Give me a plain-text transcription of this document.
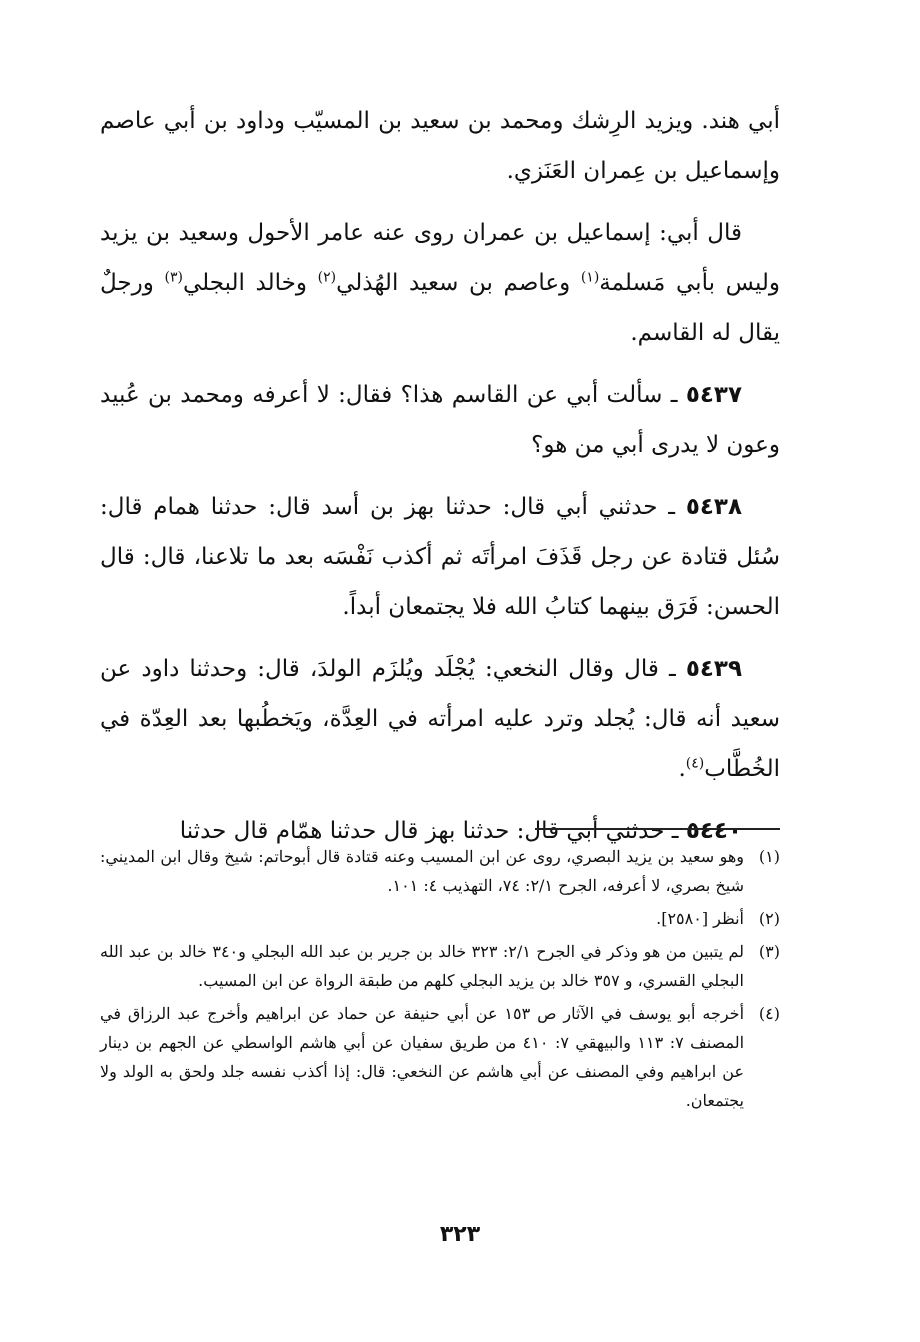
أبي هند. ويزيد الرِشك ومحمد بن سعيد بن المسيّب وداود بن أبي عاصم وإسماعيل بن عِمران العَنَزي.

قال أبي: إسماعيل بن عمران روى عنه عامر الأحول وسعيد بن يزيد وليس بأبي مَسلمة$^{(١)}$ وعاصم بن سعيد الهُذلي$^{(٢)}$ وخالد البجلي$^{(٣)}$ ورجلٌ يقال له القاسم.

٥٤٣٧ ـ سألت أبي عن القاسم هذا؟ فقال: لا أعرفه ومحمد بن عُبيد وعون لا يدرى أبي من هو؟

٥٤٣٨ ـ حدثني أبي قال: حدثنا بهز بن أسد قال: حدثنا همام قال: سُئل قتادة عن رجل قَذَفَ امرأتَه ثم أكذب نَفْسَه بعد ما تلاعنا، قال: قال الحسن: فَرَق بينهما كتابُ الله فلا يجتمعان أبداً.

٥٤٣٩ ـ قال وقال النخعي: يُجْلَد ويُلزَم الولدَ، قال: وحدثنا داود عن سعيد أنه قال: يُجلد وترد عليه امرأته في العِدَّة، ويَخطُبها بعد العِدّة في الخُطَّاب$^{(٤)}$.

٥٤٤٠ ـ حدثني أبي قال: حدثنا بهز قال حدثنا همّام قال حدثنا

(١)
وهو سعيد بن يزيد البصري، روى عن ابن المسيب وعنه قتادة قال أبوحاتم: شيخ وقال ابن المديني: شيخ بصري، لا أعرفه، الجرح ٢/١: ٧٤، التهذيب ٤: ١٠١.
(٢)
أنظر [٢٥٨٠].
(٣)
لم يتبين من هو وذكر في الجرح ٢/١: ٣٢٣ خالد بن جرير بن عبد الله البجلي و٣٤٠ خالد بن عبد الله البجلي القسري، و ٣٥٧ خالد بن يزيد البجلي كلهم من طبقة الرواة عن ابن المسيب.
(٤)
أخرجه أبو يوسف في الآثار ص ١٥٣ عن أبي حنيفة عن حماد عن ابراهيم وأخرج عبد الرزاق في المصنف ٧: ١١٣ والبيهقي ٧: ٤١٠ من طريق سفيان عن أبي هاشم الواسطي عن الجهم بن دينار عن ابراهيم وفي المصنف عن أبي هاشم عن النخعي: قال: إذا أكذب نفسه جلد ولحق به الولد ولا يجتمعان.
٣٢٣
